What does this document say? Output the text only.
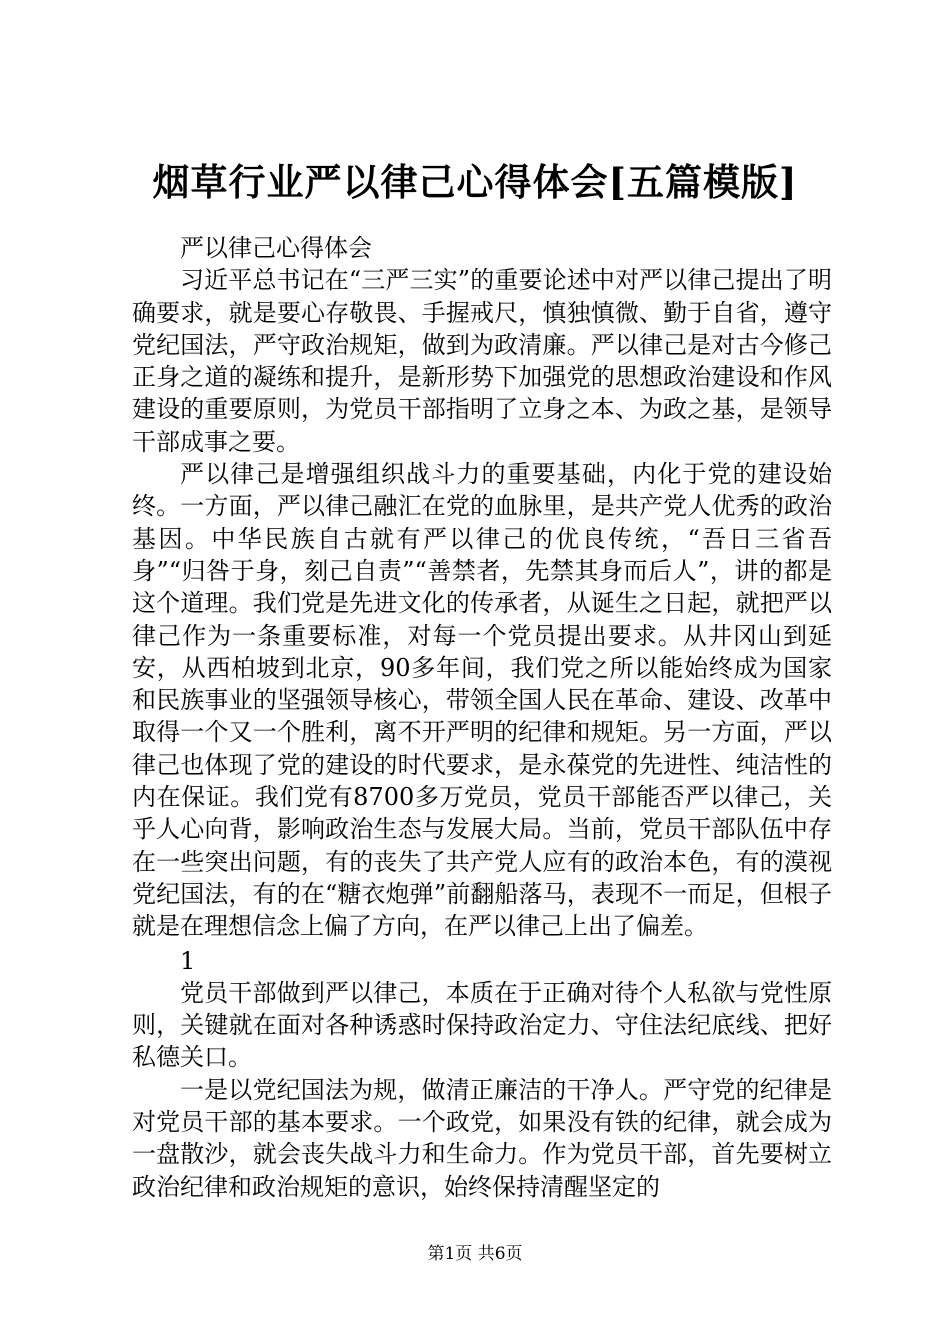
烟草行业严以律己心得体会[五篇模版]

严以律己心得体会

习近平总书记在“三严三实”的重要论述中对严以律己提出了明确要求，就是要心存敬畏、手握戒尺，慎独慎微、勤于自省，遵守党纪国法，严守政治规矩，做到为政清廉。严以律己是对古今修己正身之道的凝练和提升，是新形势下加强党的思想政治建设和作风建设的重要原则，为党员干部指明了立身之本、为政之基，是领导干部成事之要。

严以律己是增强组织战斗力的重要基础，内化于党的建设始终。一方面，严以律己融汇在党的血脉里，是共产党人优秀的政治基因。中华民族自古就有严以律己的优良传统，“吾日三省吾身”“归咎于身，刻己自责”“善禁者，先禁其身而后人”，讲的都是这个道理。我们党是先进文化的传承者，从诞生之日起，就把严以律己作为一条重要标准，对每一个党员提出要求。从井冈山到延安，从西柏坡到北京，90多年间，我们党之所以能始终成为国家和民族事业的坚强领导核心，带领全国人民在革命、建设、改革中取得一个又一个胜利，离不开严明的纪律和规矩。另一方面，严以律己也体现了党的建设的时代要求，是永葆党的先进性、纯洁性的内在保证。我们党有8700多万党员，党员干部能否严以律己，关乎人心向背，影响政治生态与发展大局。当前，党员干部队伍中存在一些突出问题，有的丧失了共产党人应有的政治本色，有的漠视党纪国法，有的在“糖衣炮弹”前翻船落马，表现不一而足，但根子就是在理想信念上偏了方向，在严以律己上出了偏差。

1

党员干部做到严以律己，本质在于正确对待个人私欲与党性原则，关键就在面对各种诱惑时保持政治定力、守住法纪底线、把好私德关口。

一是以党纪国法为规，做清正廉洁的干净人。严守党的纪律是对党员干部的基本要求。一个政党，如果没有铁的纪律，就会成为一盘散沙，就会丧失战斗力和生命力。作为党员干部，首先要树立政治纪律和政治规矩的意识，始终保持清醒坚定的

第1页 共6页
